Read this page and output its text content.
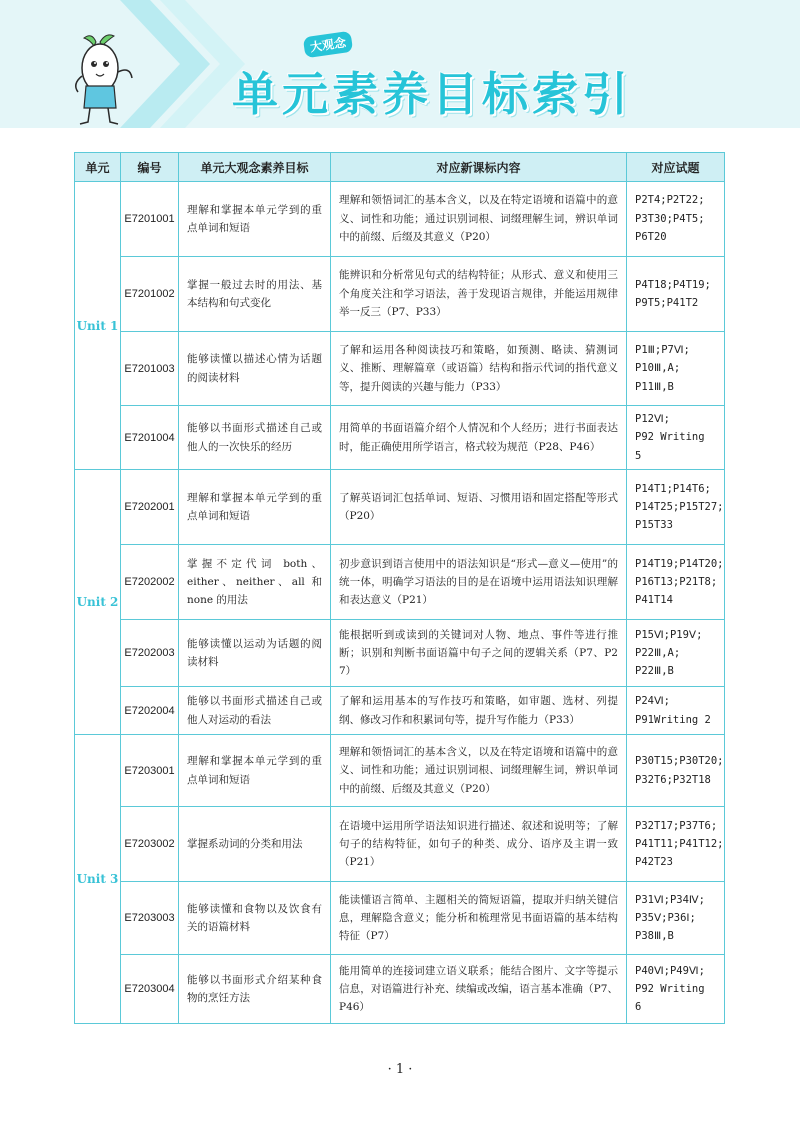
单元素养目标索引
大观念
单元	编号	单元大观念素养目标	对应新课标内容	对应试题
Unit 1	E7201001	理解和掌握本单元学到的重点单词和短语	理解和领悟词汇的基本含义，以及在特定语境和语篇中的意义、词性和功能；通过识别词根、词缀理解生词，辨识单词中的前缀、后缀及其意义（P20）	P2T4;P2T22;
P3T30;P4T5;
P6T20
	E7201002	掌握一般过去时的用法、基本结构和句式变化	能辨识和分析常见句式的结构特征；从形式、意义和使用三个角度关注和学习语法，善于发现语言规律，并能运用规律举一反三（P7、P33）	P4T18;P4T19;
P9T5;P41T2
	E7201003	能够读懂以描述心情为话题的阅读材料	了解和运用各种阅读技巧和策略，如预测、略读、猜测词义、推断、理解篇章（或语篇）结构和指示代词的指代意义等，提升阅读的兴趣与能力（P33）	P1Ⅲ;P7Ⅵ;
P10Ⅲ,A;
P11Ⅲ,B
	E7201004	能够以书面形式描述自己或他人的一次快乐的经历	用简单的书面语篇介绍个人情况和个人经历；进行书面表达时，能正确使用所学语言，格式较为规范（P28、P46）	P12Ⅵ;
P92 Writing 5
Unit 2	E7202001	理解和掌握本单元学到的重点单词和短语	了解英语词汇包括单词、短语、习惯用语和固定搭配等形式（P20）	P14T1;P14T6;
P14T25;P15T27;
P15T33
	E7202002	掌握不定代词 both、either、neither、all 和 none 的用法	初步意识到语言使用中的语法知识是“形式—意义—使用”的统一体，明确学习语法的目的是在语境中运用语法知识理解和表达意义（P21）	P14T19;P14T20;
P16T13;P21T8;
P41T14
	E7202003	能够读懂以运动为话题的阅读材料	能根据听到或读到的关键词对人物、地点、事件等进行推断；识别和判断书面语篇中句子之间的逻辑关系（P7、P27）	P15Ⅵ;P19Ⅴ;
P22Ⅲ,A;
P22Ⅲ,B
	E7202004	能够以书面形式描述自己或他人对运动的看法	了解和运用基本的写作技巧和策略，如审题、选材、列提纲、修改习作和积累词句等，提升写作能力（P33）	P24Ⅵ;
P91Writing 2
Unit 3	E7203001	理解和掌握本单元学到的重点单词和短语	理解和领悟词汇的基本含义，以及在特定语境和语篇中的意义、词性和功能；通过识别词根、词缀理解生词，辨识单词中的前缀、后缀及其意义（P20）	P30T15;P30T20;
P32T6;P32T18
	E7203002	掌握系动词的分类和用法	在语境中运用所学语法知识进行描述、叙述和说明等；了解句子的结构特征，如句子的种类、成分、语序及主谓一致（P21）	P32T17;P37T6;
P41T11;P41T12;
P42T23
	E7203003	能够读懂和食物以及饮食有关的语篇材料	能读懂语言简单、主题相关的简短语篇，提取并归纳关键信息，理解隐含意义；能分析和梳理常见书面语篇的基本结构特征（P7）	P31Ⅵ;P34Ⅳ;
P35Ⅴ;P36Ⅰ;
P38Ⅲ,B
	E7203004	能够以书面形式介绍某种食物的烹饪方法	能用简单的连接词建立语义联系；能结合图片、文字等提示信息，对语篇进行补充、续编或改编，语言基本准确（P7、P46）	P40Ⅵ;P49Ⅵ;
P92 Writing 6
· 1 ·
